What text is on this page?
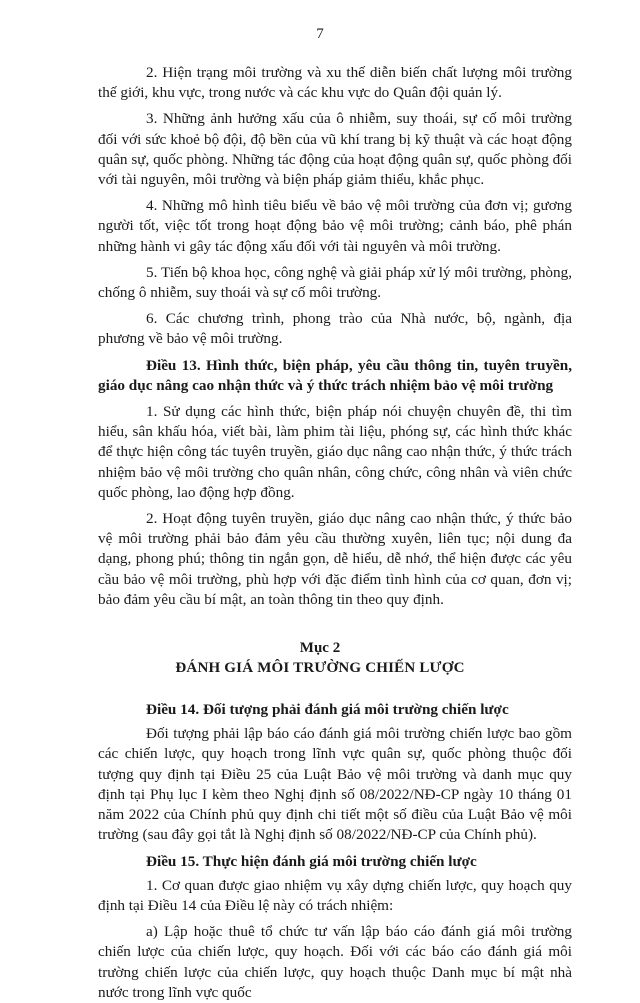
7

2. Hiện trạng môi trường và xu thế diễn biến chất lượng môi trường thế giới, khu vực, trong nước và các khu vực do Quân đội quản lý.

3. Những ảnh hưởng xấu của ô nhiễm, suy thoái, sự cố môi trường đối với sức khoẻ bộ đội, độ bền của vũ khí trang bị kỹ thuật và các hoạt động quân sự, quốc phòng. Những tác động của hoạt động quân sự, quốc phòng đối với tài nguyên, môi trường và biện pháp giảm thiểu, khắc phục.

4. Những mô hình tiêu biểu về bảo vệ môi trường của đơn vị; gương người tốt, việc tốt trong hoạt động bảo vệ môi trường; cảnh báo, phê phán những hành vi gây tác động xấu đối với tài nguyên và môi trường.

5. Tiến bộ khoa học, công nghệ và giải pháp xử lý môi trường, phòng, chống ô nhiễm, suy thoái và sự cố môi trường.

6. Các chương trình, phong trào của Nhà nước, bộ, ngành, địa phương về bảo vệ môi trường.

Điều 13. Hình thức, biện pháp, yêu cầu thông tin, tuyên truyền, giáo dục nâng cao nhận thức và ý thức trách nhiệm bảo vệ môi trường

1. Sử dụng các hình thức, biện pháp nói chuyện chuyên đề, thi tìm hiểu, sân khấu hóa, viết bài, làm phim tài liệu, phóng sự, các hình thức khác để thực hiện công tác tuyên truyền, giáo dục nâng cao nhận thức, ý thức trách nhiệm bảo vệ môi trường cho quân nhân, công chức, công nhân và viên chức quốc phòng, lao động hợp đồng.

2. Hoạt động tuyên truyền, giáo dục nâng cao nhận thức, ý thức bảo vệ môi trường phải bảo đảm yêu cầu thường xuyên, liên tục; nội dung đa dạng, phong phú; thông tin ngắn gọn, dễ hiểu, dễ nhớ, thể hiện được các yêu cầu bảo vệ môi trường, phù hợp với đặc điểm tình hình của cơ quan, đơn vị; bảo đảm yêu cầu bí mật, an toàn thông tin theo quy định.

Mục 2
ĐÁNH GIÁ MÔI TRƯỜNG CHIẾN LƯỢC

Điều 14. Đối tượng phải đánh giá môi trường chiến lược

Đối tượng phải lập báo cáo đánh giá môi trường chiến lược bao gồm các chiến lược, quy hoạch trong lĩnh vực quân sự, quốc phòng thuộc đối tượng quy định tại Điều 25 của Luật Bảo vệ môi trường và danh mục quy định tại Phụ lục I kèm theo Nghị định số 08/2022/NĐ-CP ngày 10 tháng 01 năm 2022 của Chính phủ quy định chi tiết một số điều của Luật Bảo vệ môi trường (sau đây gọi tắt là Nghị định số 08/2022/NĐ-CP của Chính phủ).

Điều 15. Thực hiện đánh giá môi trường chiến lược

1. Cơ quan được giao nhiệm vụ xây dựng chiến lược, quy hoạch quy định tại Điều 14 của Điều lệ này có trách nhiệm:

a) Lập hoặc thuê tổ chức tư vấn lập báo cáo đánh giá môi trường chiến lược của chiến lược, quy hoạch. Đối với các báo cáo đánh giá môi trường chiến lược của chiến lược, quy hoạch thuộc Danh mục bí mật nhà nước trong lĩnh vực quốc
